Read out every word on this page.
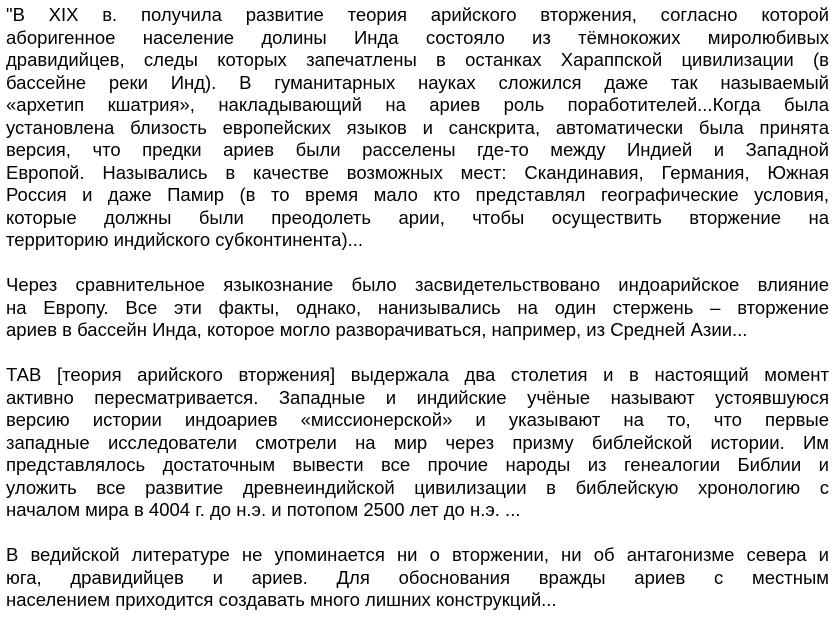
"В XIX в. получила развитие теория арийского вторжения, согласно которой
аборигенное население долины Инда состояло из тёмнокожих миролюбивых
дравидийцев, следы которых запечатлены в останках Хараппской цивилизации (в
бассейне реки Инд). В гуманитарных науках сложился даже так называемый
«архетип кшатрия», накладывающий на ариев роль поработителей...Когда была
установлена близость европейских языков и санскрита, автоматически была принята
версия, что предки ариев были расселены где-то между Индией и Западной
Европой. Назывались в качестве возможных мест: Скандинавия, Германия, Южная
Россия и даже Памир (в то время мало кто представлял географические условия,
которые должны были преодолеть арии, чтобы осуществить вторжение на
территорию индийского субконтинента)...
Через сравнительное языкознание было засвидетельствовано индоарийское влияние
на Европу. Все эти факты, однако, нанизывались на один стержень – вторжение
ариев в бассейн Инда, которое могло разворачиваться, например, из Средней Азии...
ТАВ [теория арийского вторжения] выдержала два столетия и в настоящий момент
активно пересматривается. Западные и индийские учёные называют устоявшуюся
версию истории индоариев «миссионерской» и указывают на то, что первые
западные исследователи смотрели на мир через призму библейской истории. Им
представлялось достаточным вывести все прочие народы из генеалогии Библии и
уложить все развитие древнеиндийской цивилизации в библейскую хронологию с
началом мира в 4004 г. до н.э. и потопом 2500 лет до н.э. ...
В ведийской литературе не упоминается ни о вторжении, ни об антагонизме севера и
юга, дравидийцев и ариев. Для обоснования вражды ариев с местным
населением приходится создавать много лишних конструкций...
